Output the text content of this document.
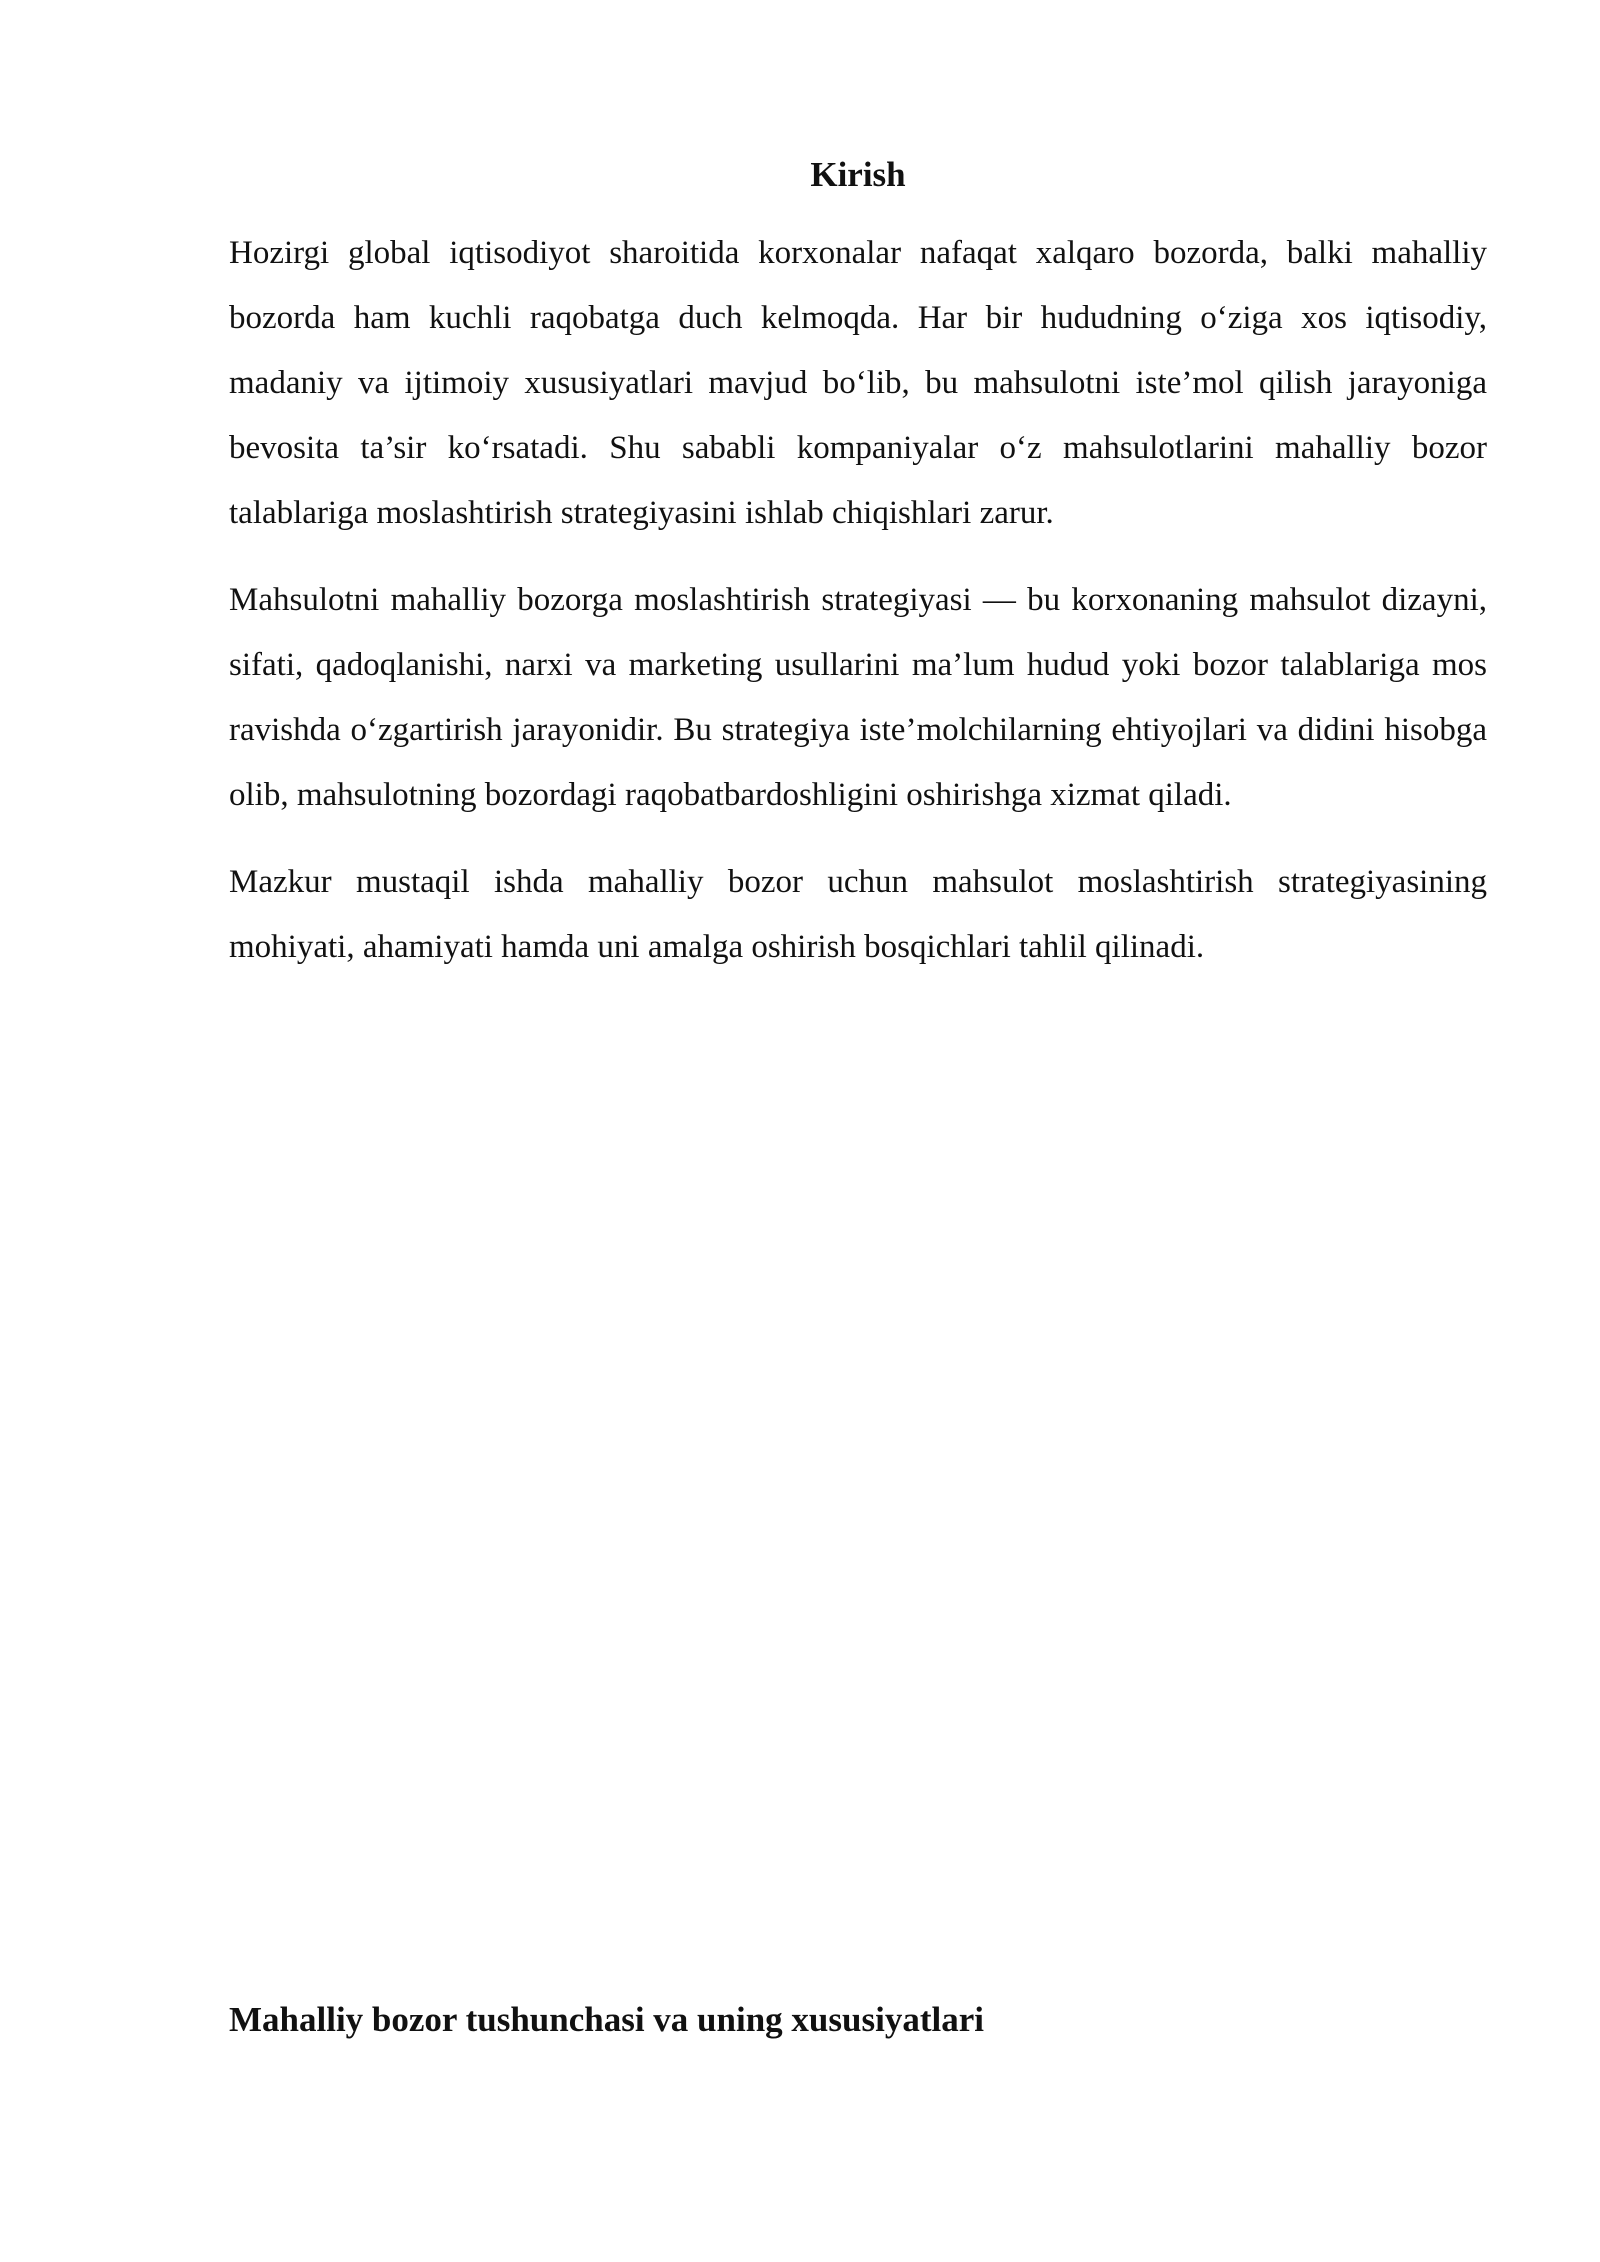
Kirish

Hozirgi global iqtisodiyot sharoitida korxonalar nafaqat xalqaro bozorda, balki mahalliy bozorda ham kuchli raqobatga duch kelmoqda. Har bir hududning o‘ziga xos iqtisodiy, madaniy va ijtimoiy xususiyatlari mavjud bo‘lib, bu mahsulotni iste’mol qilish jarayoniga bevosita ta’sir ko‘rsatadi. Shu sababli kompaniyalar o‘z mahsulotlarini mahalliy bozor talablariga moslashtirish strategiyasini ishlab chiqishlari zarur.

Mahsulotni mahalliy bozorga moslashtirish strategiyasi — bu korxonaning mahsulot dizayni, sifati, qadoqlanishi, narxi va marketing usullarini ma’lum hudud yoki bozor talablariga mos ravishda o‘zgartirish jarayonidir. Bu strategiya iste’molchilarning ehtiyojlari va didini hisobga olib, mahsulotning bozordagi raqobatbardoshligini oshirishga xizmat qiladi.

Mazkur mustaqil ishda mahalliy bozor uchun mahsulot moslashtirish strategiyasining mohiyati, ahamiyati hamda uni amalga oshirish bosqichlari tahlil qilinadi.

Mahalliy bozor tushunchasi va uning xususiyatlari
